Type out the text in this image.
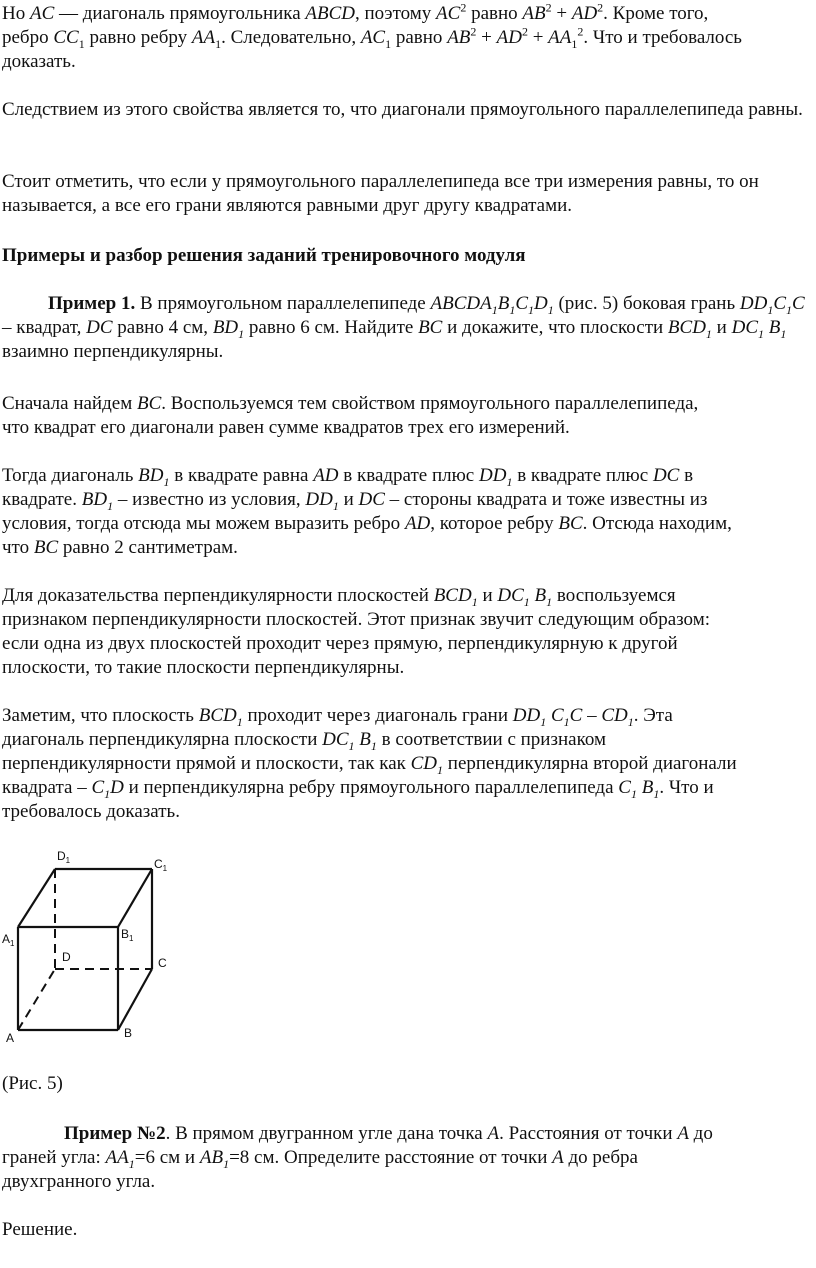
Но AC — диагональ прямоугольника ABCD, поэтому $AC^2$ равно $AB^2 + AD^2$. Кроме того,
ребро $CC_1$ равно ребру $AA_1$. Следовательно, $AC_1$ равно $AB^2 + AD^2 + AA_1^2$. Что и требовалось
доказать.

Следствием из этого свойства является то, что диагонали прямоугольного параллелепипеда равны.

Стоит отметить, что если у прямоугольного параллелепипеда все три измерения равны, то он называется, а все его грани являются равными друг другу квадратами.

Примеры и разбор решения заданий тренировочного модуля

Пример 1. В прямоугольном параллелепипеде $ABCDA_1B_1C_1D_1$ (рис. 5) боковая грань $DD_1C_1C$ – квадрат, DC равно 4 см, $BD_1$ равно 6 см. Найдите BC и докажите, что плоскости $BCD_1$ и $DC_1$ $B_1$ взаимно перпендикулярны.

Сначала найдем BC. Воспользуемся тем свойством прямоугольного параллелепипеда,
что квадрат его диагонали равен сумме квадратов трех его измерений.

Тогда диагональ $BD_1$ в квадрате равна AD в квадрате плюс $DD_1$ в квадрате плюс DC в
квадрате. $BD_1$ – известно из условия, $DD_1$ и DC – стороны квадрата и тоже известны из
условия, тогда отсюда мы можем выразить ребро AD, которое ребру BC. Отсюда находим,
что BC равно 2 сантиметрам.

Для доказательства перпендикулярности плоскостей $BCD_1$ и $DC_1$ $B_1$ воспользуемся
признаком перпендикулярности плоскостей. Этот признак звучит следующим образом:
если одна из двух плоскостей проходит через прямую, перпендикулярную к другой
плоскости, то такие плоскости перпендикулярны.

Заметим, что плоскость $BCD_1$ проходит через диагональ грани $DD_1$ $C_1C - CD_1$. Эта
диагональ перпендикулярна плоскости $DC_1$ $B_1$ в соответствии с признаком
перпендикулярности прямой и плоскости, так как $CD_1$ перпендикулярна второй диагонали
квадрата – $C_1D$ и перпендикулярна ребру прямоугольного параллелепипеда $C_1$ $B_1$. Что и
требовалось доказать.

$D_1$	$C_1$
$A_1$
$B_1$
D	C
A	B

(Рис. 5)

Пример №2. В прямом двугранном угле дана точка A. Расстояния от точки A до
граней угла: $AA_1=6$ см и $AB_1=8$ см. Определите расстояние от точки A до ребра
двухгранного угла.

Решение.
